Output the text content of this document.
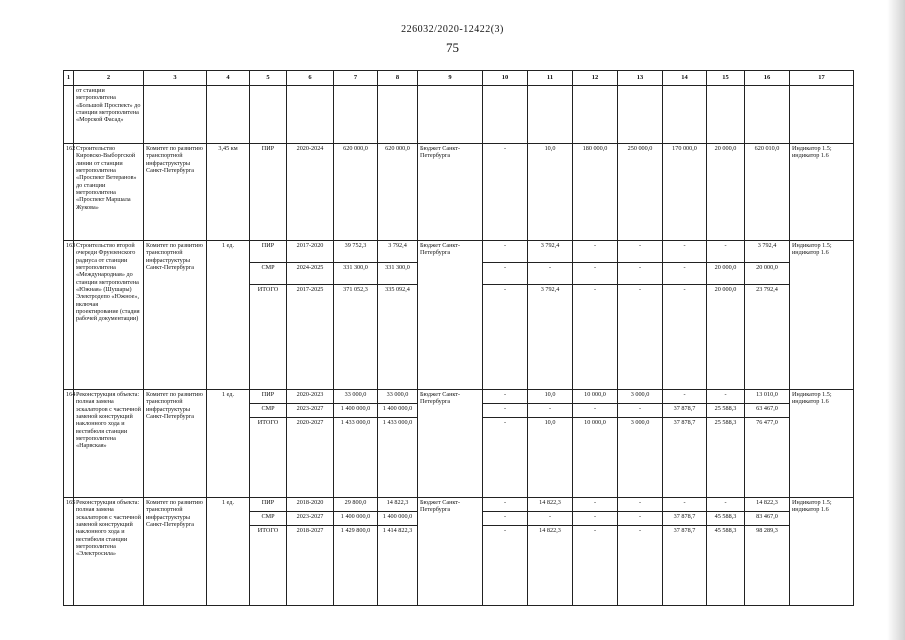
226032/2020-12422(3)
75
1	2	3	4	5	6	7	8	9	10	11	12	13	14	15	16	17
	от станции метрополитена «Большой Проспект» до станции метрополитена «Морской Фасад»															
162	Строительство Кировско-Выборгской линии от станции метрополитена «Проспект Ветеранов» до станции метрополитена «Проспект Маршала Жукова»	Комитет по развитию транспортной инфраструктуры Санкт-Петербурга	3,45 км	ПИР	2020-2024	620 000,0	620 000,0	Бюджет Санкт-Петербурга	-	10,0	180 000,0	250 000,0	170 000,0	20 000,0	620 010,0	Индикатор 1.5; индикатор 1.6
163	Строительство второй очереди Фрунзенского радиуса от станции метрополитена «Международная» до станции метрополитена «Южная» (Шушары) Электродепо «Южное», включая проектирование (стадия рабочей документации)	Комитет по развитию транспортной инфраструктуры Санкт-Петербурга	1 ед.	ПИР	2017-2020	39 752,3	3 792,4	Бюджет Санкт-Петербурга	-	3 792,4	-	-	-	-	3 792,4	Индикатор 1.5; индикатор 1.6
				СМР	2024-2025	331 300,0	331 300,0		-	-	-	-	-	20 000,0	20 000,0	
				ИТОГО	2017-2025	371 052,3	335 092,4		-	3 792,4	-	-	-	20 000,0	23 792,4	
164	Реконструкция объекта: полная замена эскалаторов с частичной заменой конструкций наклонного хода и вестибюля станции метрополитена «Нарвская»	Комитет по развитию транспортной инфраструктуры Санкт-Петербурга	1 ед.	ПИР	2020-2023	33 000,0	33 000,0	Бюджет Санкт-Петербурга	-	10,0	10 000,0	3 000,0	-	-	13 010,0	Индикатор 1.5; индикатор 1.6
				СМР	2023-2027	1 400 000,0	1 400 000,0		-	-	-	-	37 878,7	25 588,3	63 467,0	
				ИТОГО	2020-2027	1 433 000,0	1 433 000,0		-	10,0	10 000,0	3 000,0	37 878,7	25 588,3	76 477,0	
165	Реконструкция объекта: полная замена эскалаторов с частичной заменой конструкций наклонного хода и вестибюля станции метрополитена «Электросила»	Комитет по развитию транспортной инфраструктуры Санкт-Петербурга	1 ед.	ПИР	2018-2020	29 800,0	14 822,3	Бюджет Санкт-Петербурга	-	14 822,3	-	-	-	-	14 822,3	Индикатор 1.5; индикатор 1.6
				СМР	2023-2027	1 400 000,0	1 400 000,0		-	-	-	-	37 878,7	45 588,3	83 467,0	
				ИТОГО	2018-2027	1 429 800,0	1 414 822,3		-	14 822,3	-	-	37 878,7	45 588,3	98 289,3	
